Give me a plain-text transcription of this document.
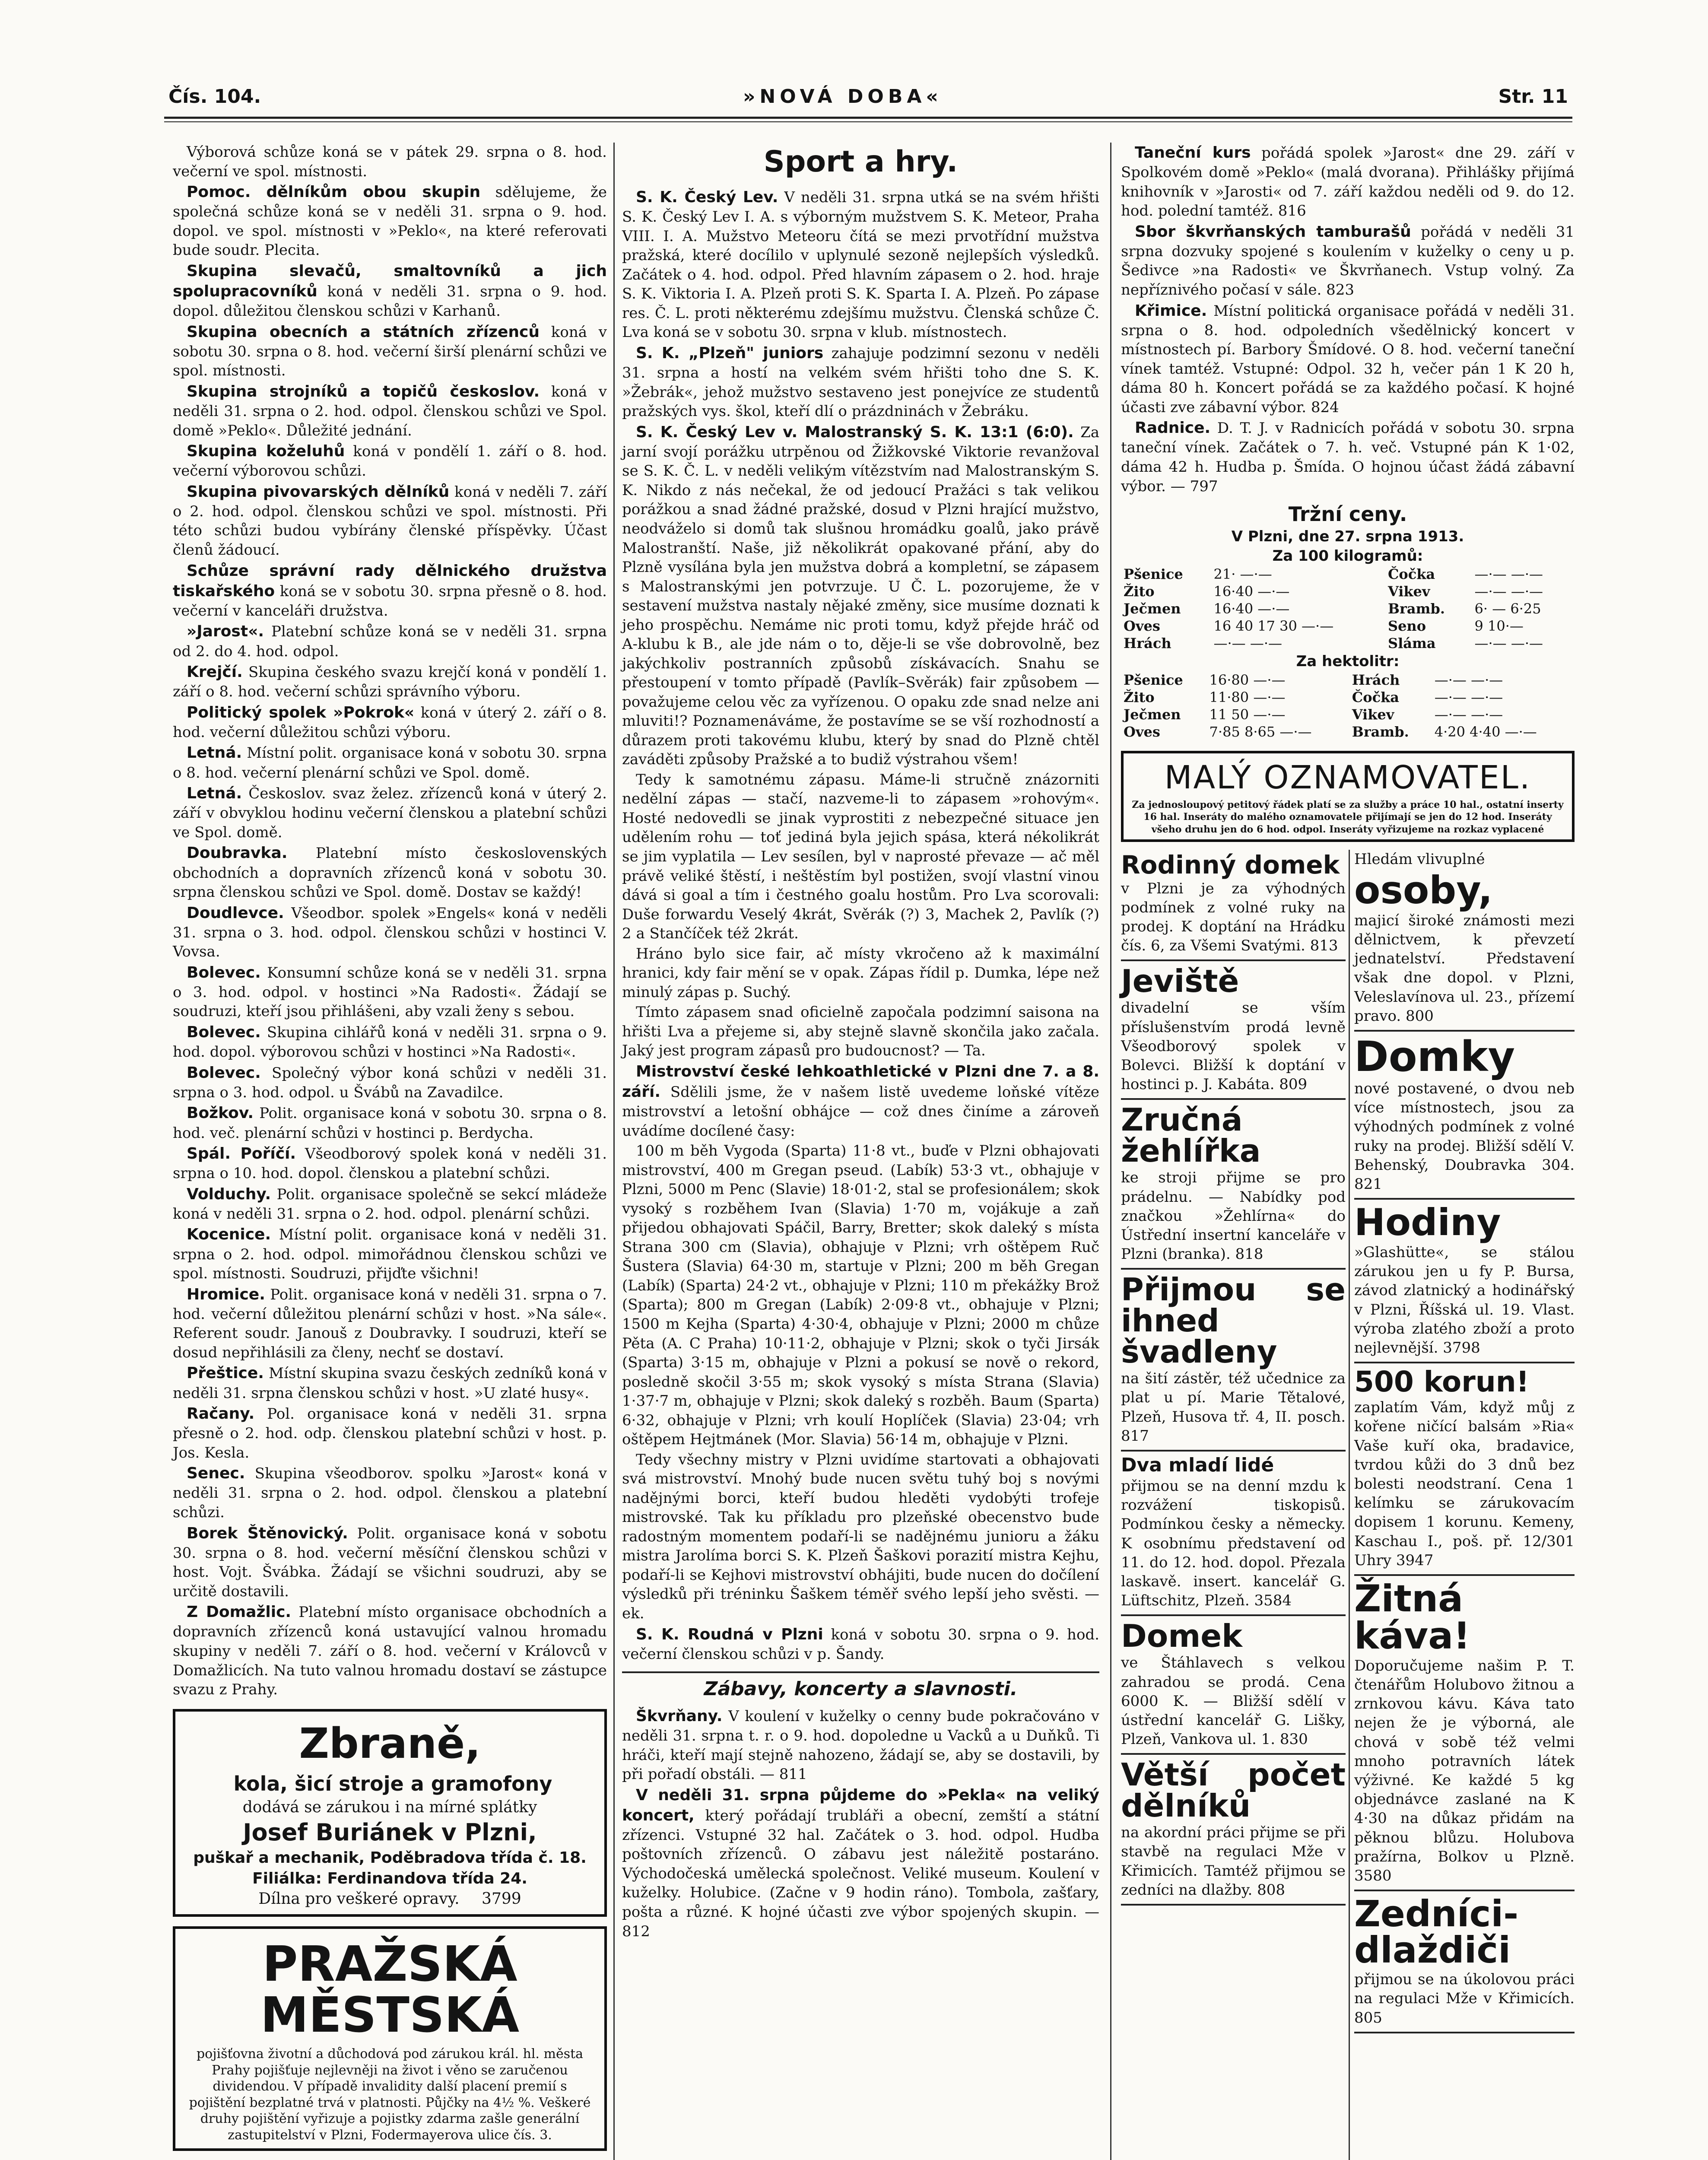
Čís. 104.	»NOVÁ DOBA«	Str. 11

Výborová schůze koná se v pátek 29. srpna o 8. hod. večerní ve spol. místnosti.

Pomoc. dělníkům obou skupin sdělujeme, že společná schůze koná se v neděli 31. srpna o 9. hod. dopol. ve spol. místnosti v »Peklo«, na které referovati bude soudr. Plecita.

Skupina slevačů, smaltovníků a jich spolupracovníků koná v neděli 31. srpna o 9. hod. dopol. důležitou členskou schůzi v Karhanů.

Skupina obecních a státních zřízenců koná v sobotu 30. srpna o 8. hod. večerní širší plenární schůzi ve spol. místnosti.

Skupina strojníků a topičů českoslov. koná v neděli 31. srpna o 2. hod. odpol. členskou schůzi ve Spol. domě »Peklo«. Důležité jednání.

Skupina koželuhů koná v pondělí 1. září o 8. hod. večerní výborovou schůzi.

Skupina pivovarských dělníků koná v neděli 7. září o 2. hod. odpol. členskou schůzi ve spol. místnosti. Při této schůzi budou vybírány členské příspěvky. Účast členů žádoucí.

Schůze správní rady dělnického družstva tiskařského koná se v sobotu 30. srpna přesně o 8. hod. večerní v kanceláři družstva.

»Jarost«. Platební schůze koná se v neděli 31. srpna od 2. do 4. hod. odpol.

Krejčí. Skupina českého svazu krejčí koná v pondělí 1. září o 8. hod. večerní schůzi správního výboru.

Politický spolek »Pokrok« koná v úterý 2. září o 8. hod. večerní důležitou schůzi výboru.

Letná. Místní polit. organisace koná v sobotu 30. srpna o 8. hod. večerní plenární schůzi ve Spol. domě.

Letná. Českoslov. svaz želez. zřízenců koná v úterý 2. září v obvyklou hodinu večerní členskou a platební schůzi ve Spol. domě.

Doubravka. Platební místo československých obchodních a dopravních zřízenců koná v sobotu 30. srpna členskou schůzi ve Spol. domě. Dostav se každý!

Doudlevce. Všeodbor. spolek »Engels« koná v neděli 31. srpna o 3. hod. odpol. členskou schůzi v hostinci V. Vovsa.

Bolevec. Konsumní schůze koná se v neděli 31. srpna o 3. hod. odpol. v hostinci »Na Radosti«. Žádají se soudruzi, kteří jsou přihlášeni, aby vzali ženy s sebou.

Bolevec. Skupina cihlářů koná v neděli 31. srpna o 9. hod. dopol. výborovou schůzi v hostinci »Na Radosti«.

Bolevec. Společný výbor koná schůzi v neděli 31. srpna o 3. hod. odpol. u Švábů na Zavadilce.

Božkov. Polit. organisace koná v sobotu 30. srpna o 8. hod. več. plenární schůzi v hostinci p. Berdycha.

Spál. Poříčí. Všeodborový spolek koná v neděli 31. srpna o 10. hod. dopol. členskou a platební schůzi.

Volduchy. Polit. organisace společně se sekcí mládeže koná v neděli 31. srpna o 2. hod. odpol. plenární schůzi.

Kocenice. Místní polit. organisace koná v neděli 31. srpna o 2. hod. odpol. mimořádnou členskou schůzi ve spol. místnosti. Soudruzi, přijďte všichni!

Hromice. Polit. organisace koná v neděli 31. srpna o 7. hod. večerní důležitou plenární schůzi v host. »Na sále«. Referent soudr. Janouš z Doubravky. I soudruzi, kteří se dosud nepřihlásili za členy, nechť se dostaví.

Přeštice. Místní skupina svazu českých zedníků koná v neděli 31. srpna členskou schůzi v host. »U zlaté husy«.

Račany. Pol. organisace koná v neděli 31. srpna přesně o 2. hod. odp. členskou platební schůzi v host. p. Jos. Kesla.

Senec. Skupina všeodborov. spolku »Jarost« koná v neděli 31. srpna o 2. hod. odpol. členskou a platební schůzi.

Borek Štěnovický. Polit. organisace koná v sobotu 30. srpna o 8. hod. večerní měsíční členskou schůzi v host. Vojt. Švábka. Žádají se všichni soudruzi, aby se určitě dostavili.

Z Domažlic. Platební místo organisace obchodních a dopravních zřízenců koná ustavující valnou hromadu skupiny v neděli 7. září o 8. hod. večerní v Královců v Domažlicích. Na tuto valnou hromadu dostaví se zástupce svazu z Prahy.

Zbraně, kola, šicí stroje a gramofony
dodává se zárukou i na mírné splátky
Josef Buriánek v Plzni,
puškař a mechanik, Poděbradova třída č. 18. Filiálka: Ferdinandova třída 24.
Dílna pro veškeré opravy. 3799
PRAŽSKÁ
MĚSTSKÁ
pojišťovna životní a důchodová pod zárukou král. hl. města Prahy pojišťuje nejlevněji na život i věno se zaručenou dividendou. V případě invalidity další placení premií s pojištění bezplatné trvá v platnosti. Půjčky na 4½ %. Veškeré druhy pojištění vyřizuje a pojistky zdarma zašle generální zastupitelství v Plzni, Fodermayerova ulice čís. 3.
Sport a hry.

S. K. Český Lev. V neděli 31. srpna utká se na svém hřišti S. K. Český Lev I. A. s výborným mužstvem S. K. Meteor, Praha VIII. I. A. Mužstvo Meteoru čítá se mezi prvotřídní mužstva pražská, které docílilo v uplynulé sezoně nejlepších výsledků. Začátek o 4. hod. odpol. Před hlavním zápasem o 2. hod. hraje S. K. Viktoria I. A. Plzeň proti S. K. Sparta I. A. Plzeň. Po zápase res. Č. L. proti některému zdejšímu mužstvu. Členská schůze Č. Lva koná se v sobotu 30. srpna v klub. místnostech.

S. K. „Plzeň" juniors zahajuje podzimní sezonu v neděli 31. srpna a hostí na velkém svém hřišti toho dne S. K. »Žebrák«, jehož mužstvo sestaveno jest ponejvíce ze studentů pražských vys. škol, kteří dlí o prázdninách v Žebráku.

S. K. Český Lev v. Malostranský S. K. 13:1 (6:0). Za jarní svojí porážku utrpěnou od Žižkovské Viktorie revanžoval se S. K. Č. L. v neděli velikým vítězstvím nad Malostranským S. K. Nikdo z nás nečekal, že od jedoucí Pražáci s tak velikou porážkou a snad žádné pražské, dosud v Plzni hrající mužstvo, neodváželo si domů tak slušnou hromádku goalů, jako právě Malostranští. Naše, již několikrát opakované přání, aby do Plzně vysílána byla jen mužstva dobrá a kompletní, se zápasem s Malostranskými jen potvrzuje. U Č. L. pozorujeme, že v sestavení mužstva nastaly nějaké změny, sice musíme doznati k jeho prospěchu. Nemáme nic proti tomu, když přejde hráč od A-klubu k B., ale jde nám o to, děje-li se vše dobrovolně, bez jakýchkoliv postranních způsobů získávacích. Snahu se přestoupení v tomto případě (Pavlík–Svěrák) fair způsobem — považujeme celou věc za vyřízenou. O opaku zde snad nelze ani mluviti!? Poznamenáváme, že postavíme se se vší rozhodností a důrazem proti takovému klubu, který by snad do Plzně chtěl zaváděti způsoby Pražské a to budiž výstrahou všem!

Tedy k samotnému zápasu. Máme-li stručně znázorniti nedělní zápas — stačí, nazveme-li to zápasem »rohovým«. Hosté nedovedli se jinak vyprostiti z nebezpečné situace jen udělením rohu — toť jediná byla jejich spása, která nékolikrát se jim vyplatila — Lev sesílen, byl v naprosté převaze — ač měl právě veliké štěstí, i neštěstím byl postižen, svojí vlastní vinou dává si goal a tím i čestného goalu hostům. Pro Lva scorovali: Duše forwardu Veselý 4krát, Svěrák (?) 3, Machek 2, Pavlík (?) 2 a Stančíček též 2krát.

Hráno bylo sice fair, ač místy vkročeno až k maximální hranici, kdy fair mění se v opak. Zápas řídil p. Dumka, lépe než minulý zápas p. Suchý.

Tímto zápasem snad oficielně započala podzimní saisona na hřišti Lva a přejeme si, aby stejně slavně skončila jako začala. Jaký jest program zápasů pro budoucnost? — Ta.

Mistrovství české lehkoathletické v Plzni dne 7. a 8. září. Sdělili jsme, že v našem listě uvedeme loňské vítěze mistrovství a letošní obhájce — což dnes činíme a zároveň uvádíme docílené časy:

100 m běh Vygoda (Sparta) 11·8 vt., buďe v Plzni obhajovati mistrovství, 400 m Gregan pseud. (Labík) 53·3 vt., obhajuje v Plzni, 5000 m Penc (Slavie) 18·01·2, stal se profesionálem; skok vysoký s rozběhem Ivan (Slavia) 1·70 m, vojákuje a zaň přijedou obhajovati Spáčil, Barry, Bretter; skok daleký s místa Strana 300 cm (Slavia), obhajuje v Plzni; vrh oštěpem Ruč Šustera (Slavia) 64·30 m, startuje v Plzni; 200 m běh Gregan (Labík) (Sparta) 24·2 vt., obhajuje v Plzni; 110 m překážky Brož (Sparta); 800 m Gregan (Labík) 2·09·8 vt., obhajuje v Plzni; 1500 m Kejha (Sparta) 4·30·4, obhajuje v Plzni; 2000 m chůze Pěta (A. C Praha) 10·11·2, obhajuje v Plzni; skok o tyči Jirsák (Sparta) 3·15 m, obhajuje v Plzni a pokusí se nově o rekord, posledně skočil 3·55 m; skok vysoký s místa Strana (Slavia) 1·37·7 m, obhajuje v Plzni; skok daleký s rozběh. Baum (Sparta) 6·32, obhajuje v Plzni; vrh koulí Hoplíček (Slavia) 23·04; vrh oštěpem Hejtmánek (Mor. Slavia) 56·14 m, obhajuje v Plzni.

Tedy všechny mistry v Plzni uvidíme startovati a obhajovati svá mistrovství. Mnohý bude nucen světu tuhý boj s novými nadějnými borci, kteří budou hleděti vydobýti trofeje mistrovské. Tak ku příkladu pro plzeňské obecenstvo bude radostným momentem podaří-li se nadějnému junioru a žáku mistra Jarolíma borci S. K. Plzeň Šaškovi porazití mistra Kejhu, podaří-li se Kejhovi mistrovství obhájiti, bude nucen do dočílení výsledků při tréninku Šaškem téměř svého lepší jeho svěsti. — ek.

S. K. Roudná v Plzni koná v sobotu 30. srpna o 9. hod. večerní členskou schůzi v p. Šandy.

Zábavy, koncerty a slavnosti.

Škvrňany. V koulení v kuželky o cenny bude pokračováno v neděli 31. srpna t. r. o 9. hod. dopoledne u Vacků a u Duňků. Ti hráči, kteří mají stejně nahozeno, žádají se, aby se dostavili, by při pořadí obstáli. — 811

V neděli 31. srpna půjdeme do »Pekla« na veliký koncert, který pořádají trubláři a obecní, zemští a státní zřízenci. Vstupné 32 hal. Začátek o 3. hod. odpol. Hudba poštovních zřízenců. O zábavu jest náležitě postaráno. Východočeská umělecká společnost. Veliké museum. Koulení v kuželky. Holubice. (Začne v 9 hodin ráno). Tombola, zašťary, pošta a různé. K hojné účasti zve výbor spojených skupin. — 812

Taneční kurs pořádá spolek »Jarost« dne 29. září v Spolkovém domě »Peklo« (malá dvorana). Přihlášky přijímá knihovník v »Jarosti« od 7. září každou neděli od 9. do 12. hod. polední tamtéž. 816

Sbor škvrňanských tamburašů pořádá v neděli 31 srpna dozvuky spojené s koulením v kuželky o ceny u p. Šedivce »na Radosti« ve Škvrňanech. Vstup volný. Za nepříznivého počasí v sále. 823

Křimice. Místní politická organisace pořádá v neděli 31. srpna o 8. hod. odpoledních všedělnický koncert v místnostech pí. Barbory Šmídové. O 8. hod. večerní taneční vínek tamtéž. Vstupné: Odpol. 32 h, večer pán 1 K 20 h, dáma 80 h. Koncert pořádá se za každého počasí. K hojné účasti zve zábavní výbor. 824

Radnice. D. T. J. v Radnicích pořádá v sobotu 30. srpna taneční vínek. Začátek o 7. h. več. Vstupné pán K 1·02, dáma 42 h. Hudba p. Šmída. O hojnou účast žádá zábavní výbor. — 797

Tržní ceny.
V Plzni, dne 27. srpna 1913.
Za 100 kilogramů:
Pšenice	21· —·—	Čočka	—·— —·—
Žito	16·40 —·—	Vikev	—·— —·—
Ječmen	16·40 —·—	Bramb.	6· — 6·25
Oves	16 40 17 30 —·—	Seno	9 10·—
Hrách	—·— —·—	Sláma	—·— —·—
Za hektolitr:
Pšenice	16·80 —·—	Hrách	—·— —·—
Žito	11·80 —·—	Čočka	—·— —·—
Ječmen	11 50 —·—	Vikev	—·— —·—
Oves	7·85 8·65 —·—	Bramb.	4·20 4·40 —·—
MALÝ OZNAMOVATEL.
Za jednosloupový petitový řádek platí se za služby a práce 10 hal., ostatní inserty 16 hal. Inseráty do malého oznamovatele přijímají se jen do 12 hod. Inseráty všeho druhu jen do 6 hod. odpol. Inseráty vyřizujeme na rozkaz vyplacené
Rodinný domek
v Plzni je za výhodných podmínek z volné ruky na prodej. K doptání na Hrádku čís. 6, za Všemi Svatými. 813
Jeviště
divadelní se vším příslušenstvím prodá levně Všeodborový spolek v Bolevci. Bližší k doptání v hostinci p. J. Kabáta. 809
Zručná žehlířka
ke stroji přijme se pro prádelnu. — Nabídky pod značkou »Žehlírna« do Ústřední insertní kanceláře v Plzni (branka). 818
Přijmou se ihned švadleny
na šití zástěr, též učednice za plat u pí. Marie Tětalové, Plzeň, Husova tř. 4, II. posch. 817
Dva mladí lidé
přijmou se na denní mzdu k rozvážení tiskopisů. Podmínkou česky a německy. K osobnímu představení od 11. do 12. hod. dopol. Přezala laskavě. insert. kancelář G. Lüftschitz, Plzeň. 3584
Domek
ve Štáhlavech s velkou zahradou se prodá. Cena 6000 K. — Bližší sdělí v ústřední kancelář G. Lišky, Plzeň, Vankova ul. 1. 830
Větší počet dělníků
na akordní práci přijme se při stavbě na regulaci Mže v Křimicích. Tamtéž přijmou se zedníci na dlažby. 808
Hledám vlivuplné
osoby,
majicí široké známosti mezi dělnictvem, k převzetí jednatelství. Představení však dne dopol. v Plzni, Veleslavínova ul. 23., přízemí pravo. 800
Domky
nové postavené, o dvou neb více místnostech, jsou za výhodných podmínek z volné ruky na prodej. Bližší sdělí V. Behenský, Doubravka 304. 821
Hodiny
»Glashütte«, se stálou zárukou jen u fy P. Bursa, závod zlatnický a hodinářský v Plzni, Říšská ul. 19. Vlast. výroba zlatého zboží a proto nejlevnější. 3798
500 korun!
zaplatím Vám, když můj z kořene ničící balsám »Ria« Vaše kuří oka, bradavice, tvrdou kůži do 3 dnů bez bolesti neodstraní. Cena 1 kelímku se zárukovacím dopisem 1 korunu. Kemeny, Kaschau I., poš. př. 12/301 Uhry 3947
Žitná káva!
Doporučujeme našim P. T. čtenářům Holubovo žitnou a zrnkovou kávu. Káva tato nejen že je výborná, ale chová v sobě též velmi mnoho potravních látek výživné. Ke každé 5 kg objednávce zaslané na K 4·30 na důkaz přidám na pěknou blůzu. Holubova pražírna, Bolkov u Plzně. 3580
Zedníci-dlaždiči
přijmou se na úkolovou práci na regulaci Mže v Křimicích. 805
